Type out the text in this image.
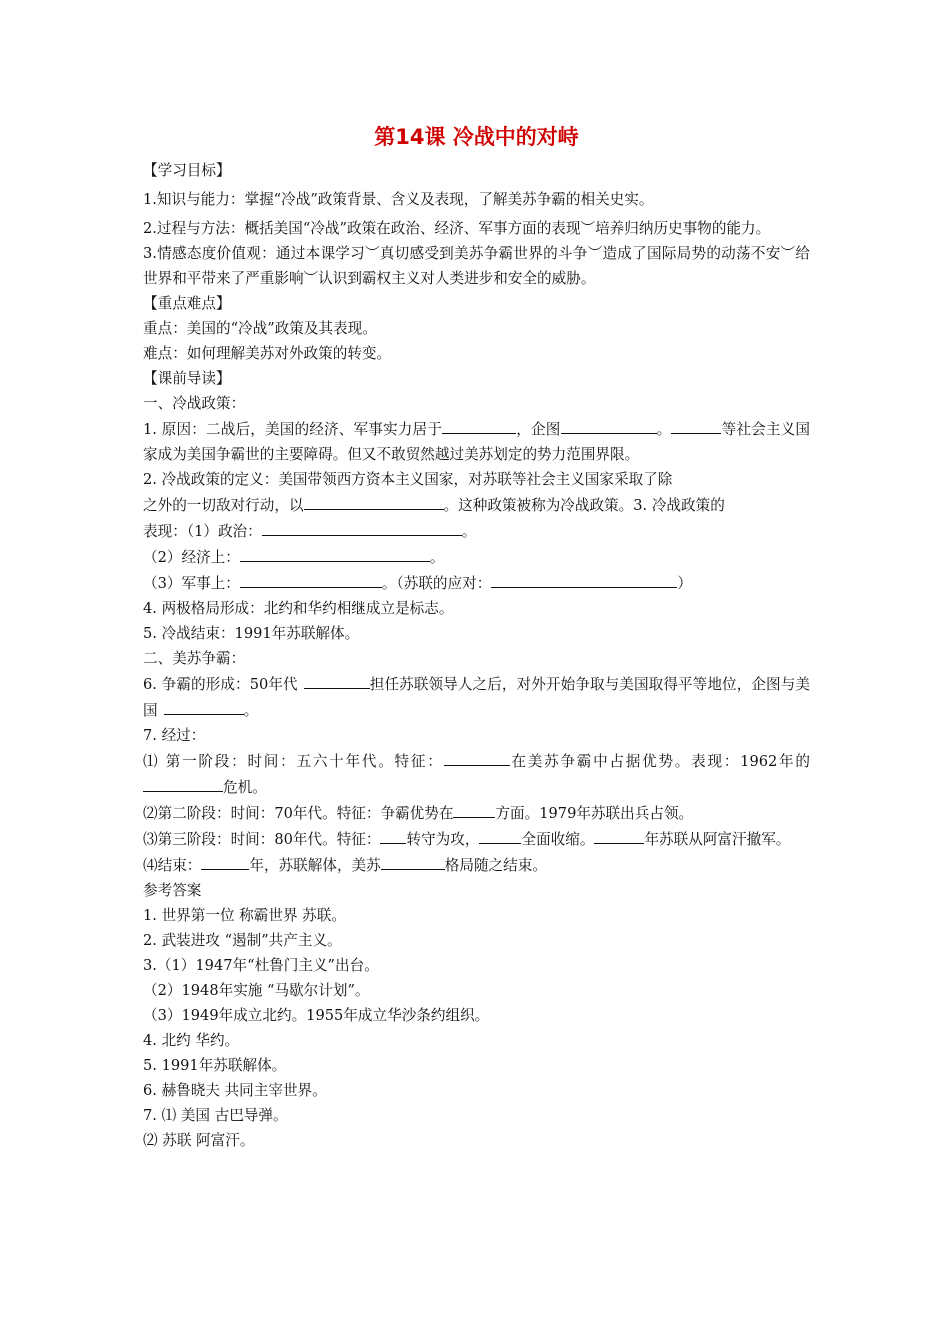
第14课 冷战中的对峙
【学习目标】
1.知识与能力：掌握“冷战”政策背景、含义及表现，了解美苏争霸的相关史实。
2.过程与方法：概括美国“冷战”政策在政治、经济、军事方面的表现︶培养归纳历史事物的能力。
3.情感态度价值观：通过本课学习︶真切感受到美苏争霸世界的斗争︶造成了国际局势的动荡不安︶给世界和平带来了严重影响︶认识到霸权主义对人类进步和安全的威胁。
【重点难点】
重点：美国的“冷战”政策及其表现。
难点：如何理解美苏对外政策的转变。
【课前导读】
一、冷战政策：
1. 原因：二战后，美国的经济、军事实力居于	，企图	。	等社会主义国家成为美国争霸世的主要障碍。但又不敢贸然越过美苏划定的势力范围界限。
2. 冷战政策的定义：美国带领西方资本主义国家，对苏联等社会主义国家采取了除
之外的一切敌对行动，以	。这种政策被称为冷战政策。3. 冷战政策的
表现：（1）政治：	。
（2）经济上：	。
（3）军事上：	。（苏联的应对：	）
4. 两极格局形成：北约和华约相继成立是标志。
5. 冷战结束：1991年苏联解体。
二、美苏争霸：
6. 争霸的形成：50年代	担任苏联领导人之后，对外开始争取与美国取得平等地位，企图与美国	。
7. 经过：
⑴ 第一阶段：时间：五六十年代。特征：	在美苏争霸中占据优势。表现：1962年的危机。
⑵第二阶段：时间：70年代。特征：争霸优势在	方面。1979年苏联出兵占领。
⑶第三阶段：时间：80年代。特征： 转守为攻，	全面收缩。	年苏联从阿富汗撤军。
⑷结束：	年，苏联解体，美苏	格局随之结束。
参考答案
1. 世界第一位 称霸世界 苏联。
2. 武装进攻 “遏制”共产主义。
3.（1）1947年“杜鲁门主义”出台。
（2）1948年实施 “马歇尔计划”。
（3）1949年成立北约。1955年成立华沙条约组织。
4. 北约 华约。
5. 1991年苏联解体。
6. 赫鲁晓夫 共同主宰世界。
7. ⑴ 美国 古巴导弹。
⑵ 苏联 阿富汗。
